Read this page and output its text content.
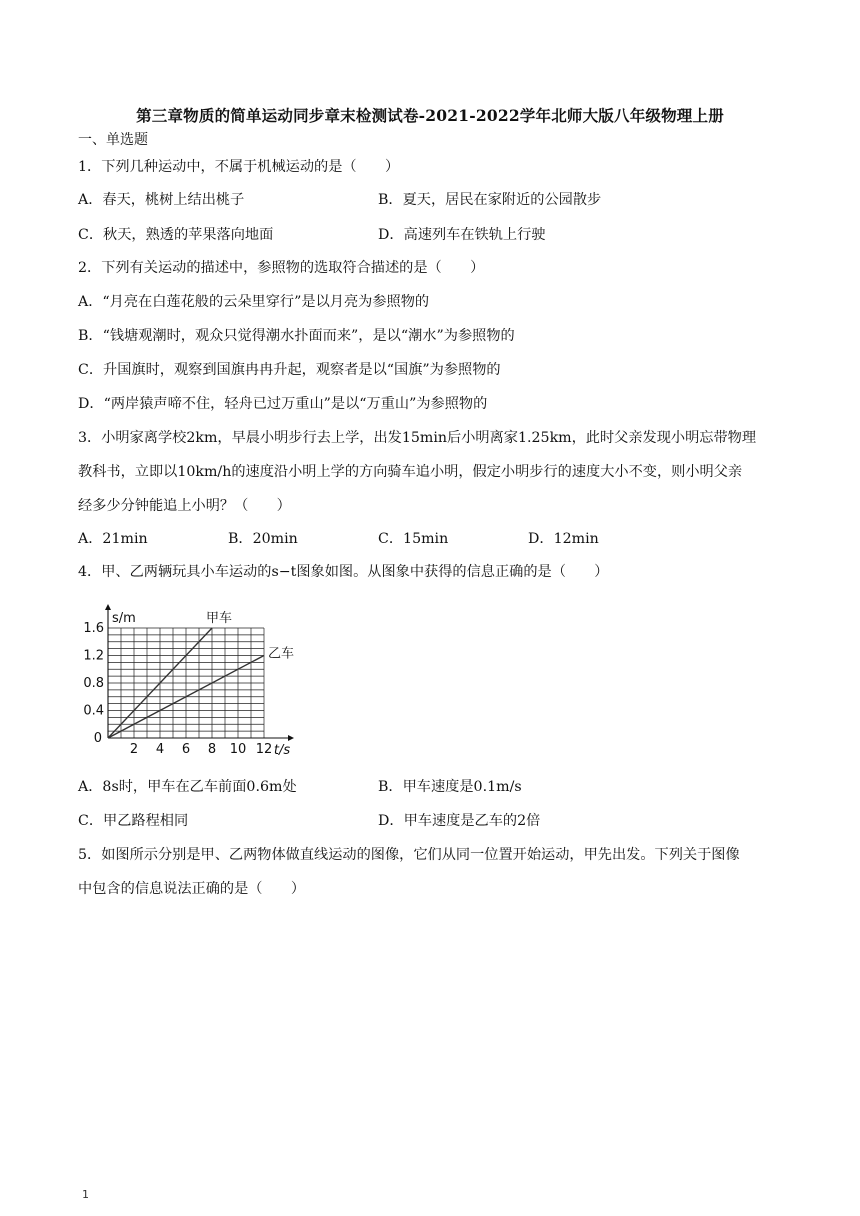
第三章物质的简单运动同步章末检测试卷-2021-2022学年北师大版八年级物理上册
一、单选题
1．下列几种运动中，不属于机械运动的是（　　）
A．春天，桃树上结出桃子	B．夏天，居民在家附近的公园散步
C．秋天，熟透的苹果落向地面	D．高速列车在铁轨上行驶
2．下列有关运动的描述中，参照物的选取符合描述的是（　　）
A．“月亮在白莲花般的云朵里穿行”是以月亮为参照物的
B．“钱塘观潮时，观众只觉得潮水扑面而来”，是以“潮水”为参照物的
C．升国旗时，观察到国旗冉冉升起，观察者是以“国旗”为参照物的
D．“两岸猿声啼不住，轻舟已过万重山”是以“万重山”为参照物的
3．小明家离学校2km，早晨小明步行去上学，出发15min后小明离家1.25km，此时父亲发现小明忘带物理
教科书，立即以10km/h的速度沿小明上学的方向骑车追小明，假定小明步行的速度大小不变，则小明父亲
经多少分钟能追上小明？（　　）
A．21min	B．20min	C．15min	D．12min
4．甲、乙两辆玩具小车运动的s−t图象如图。从图象中获得的信息正确的是（　　）
2 4 6 8 10 12
0.4
0.8
1.2
1.6
0
t/s
s/m	甲车
乙车
A．8s时，甲车在乙车前面0.6m处	B．甲车速度是0.1m/s
C．甲乙路程相同	D．甲车速度是乙车的2倍
5．如图所示分别是甲、乙两物体做直线运动的图像，它们从同一位置开始运动，甲先出发。下列关于图像
中包含的信息说法正确的是（　　）
1
